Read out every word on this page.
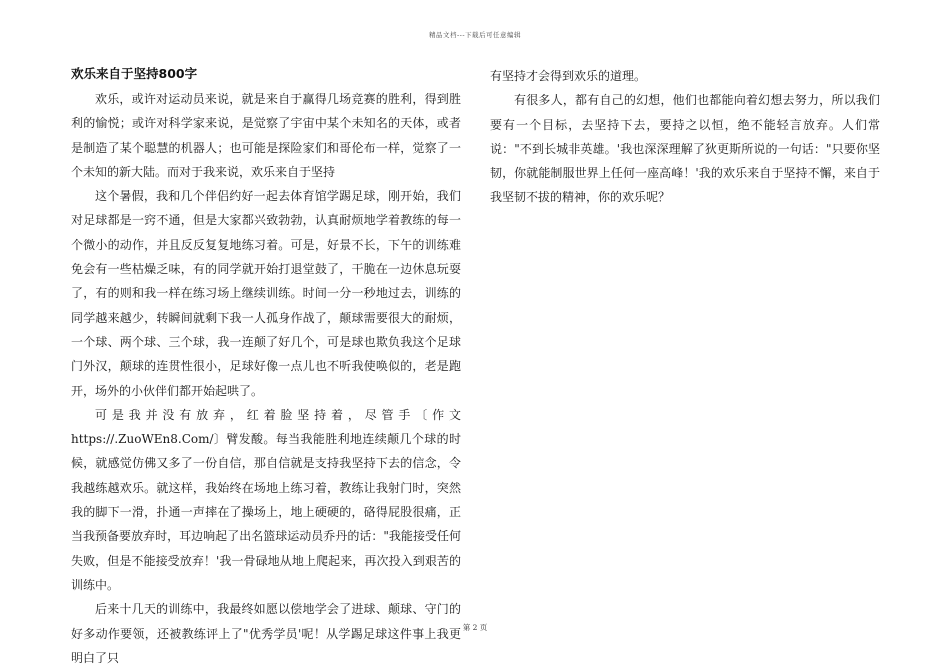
精品文档---下载后可任意编辑
欢乐来自于坚持800字

欢乐，或许对运动员来说，就是来自于赢得几场竞赛的胜利，得到胜利的愉悦；或许对科学家来说，是觉察了宇宙中某个未知名的天体，或者是制造了某个聪慧的机器人；也可能是探险家们和哥伦布一样，觉察了一个未知的新大陆。而对于我来说，欢乐来自于坚持

这个暑假，我和几个伴侣约好一起去体育馆学踢足球，刚开始，我们对足球都是一窍不通，但是大家都兴致勃勃，认真耐烦地学着教练的每一个微小的动作，并且反反复复地练习着。可是，好景不长，下午的训练难免会有一些枯燥乏味，有的同学就开始打退堂鼓了，干脆在一边休息玩耍了，有的则和我一样在练习场上继续训练。时间一分一秒地过去，训练的同学越来越少，转瞬间就剩下我一人孤身作战了，颠球需要很大的耐烦，一个球、两个球、三个球，我一连颠了好几个，可是球也欺负我这个足球门外汉，颠球的连贯性很小，足球好像一点儿也不听我使唤似的，老是跑开，场外的小伙伴们都开始起哄了。

可是我并没有放弃，红着脸坚持着，尽管手〔作文https://.ZuoWEn8.Com/〕臂发酸。每当我能胜利地连续颠几个球的时候，就感觉仿佛又多了一份自信，那自信就是支持我坚持下去的信念，令我越练越欢乐。就这样，我始终在场地上练习着，教练让我射门时，突然我的脚下一滑，扑通一声摔在了操场上，地上硬硬的，硌得屁股很痛，正当我预备要放弃时，耳边响起了出名篮球运动员乔丹的话："我能接受任何失败，但是不能接受放弃！'我一骨碌地从地上爬起来，再次投入到艰苦的训练中。

后来十几天的训练中，我最终如愿以偿地学会了进球、颠球、守门的好多动作要领，还被教练评上了"优秀学员'呢！从学踢足球这件事上我更明白了只

有坚持才会得到欢乐的道理。

有很多人，都有自己的幻想，他们也都能向着幻想去努力，所以我们要有一个目标，去坚持下去，要持之以恒，绝不能轻言放弃。人们常说："不到长城非英雄。'我也深深理解了狄更斯所说的一句话："只要你坚韧，你就能制服世界上任何一座高峰！'我的欢乐来自于坚持不懈，来自于我坚韧不拔的精神，你的欢乐呢？

第 2 页
